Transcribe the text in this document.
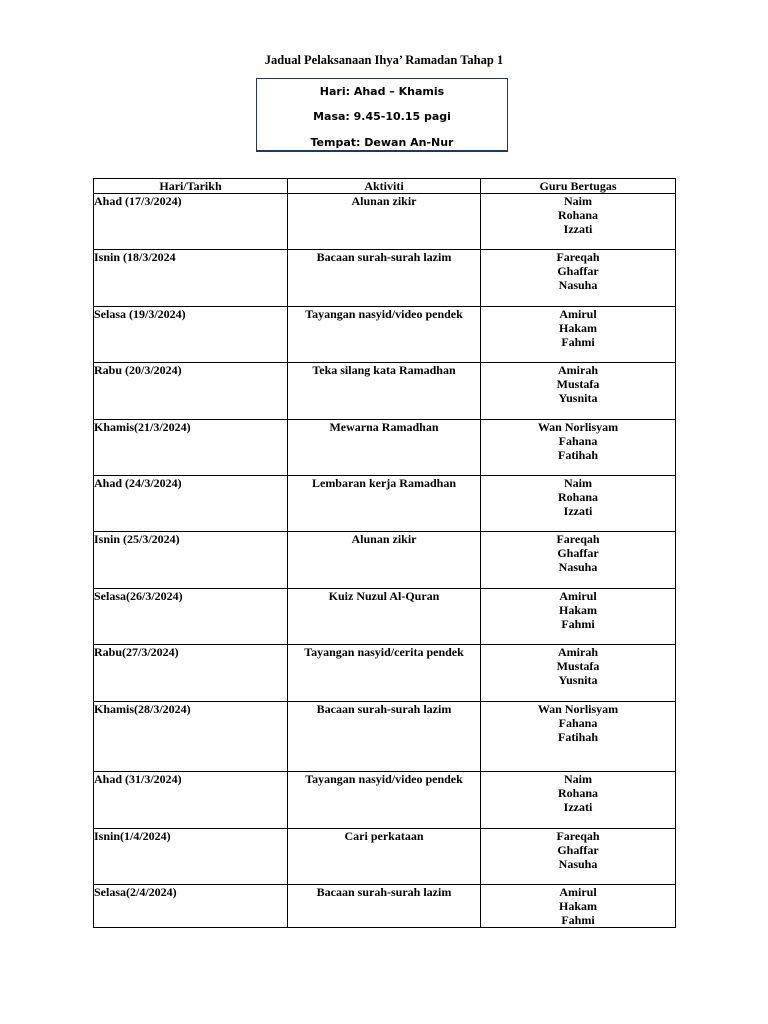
Jadual Pelaksanaan Ihya’ Ramadan Tahap 1
Hari: Ahad – Khamis
Masa: 9.45-10.15 pagi
Tempat: Dewan An-Nur
Hari/Tarikh	Aktiviti	Guru Bertugas
Ahad (17/3/2024)	Alunan zikir	Naim
Rohana
Izzati

Isnin (18/3/2024	Bacaan surah-surah lazim	Fareqah
Ghaffar
Nasuha

Selasa (19/3/2024)	Tayangan nasyid/video pendek	Amirul
Hakam
Fahmi

Rabu (20/3/2024)	Teka silang kata Ramadhan	Amirah
Mustafa
Yusnita

Khamis(21/3/2024)	Mewarna Ramadhan	Wan Norlisyam
Fahana
Fatihah

Ahad (24/3/2024)	Lembaran kerja Ramadhan	Naim
Rohana
Izzati

Isnin (25/3/2024)	Alunan zikir	Fareqah
Ghaffar
Nasuha

Selasa(26/3/2024)	Kuiz Nuzul Al-Quran	Amirul
Hakam
Fahmi

Rabu(27/3/2024)	Tayangan nasyid/cerita pendek	Amirah
Mustafa
Yusnita

Khamis(28/3/2024)	Bacaan surah-surah lazim	Wan Norlisyam
Fahana
Fatihah

Ahad (31/3/2024)	Tayangan nasyid/video pendek	Naim
Rohana
Izzati

Isnin(1/4/2024)	Cari perkataan	Fareqah
Ghaffar
Nasuha

Selasa(2/4/2024)	Bacaan surah-surah lazim	Amirul
Hakam
Fahmi
